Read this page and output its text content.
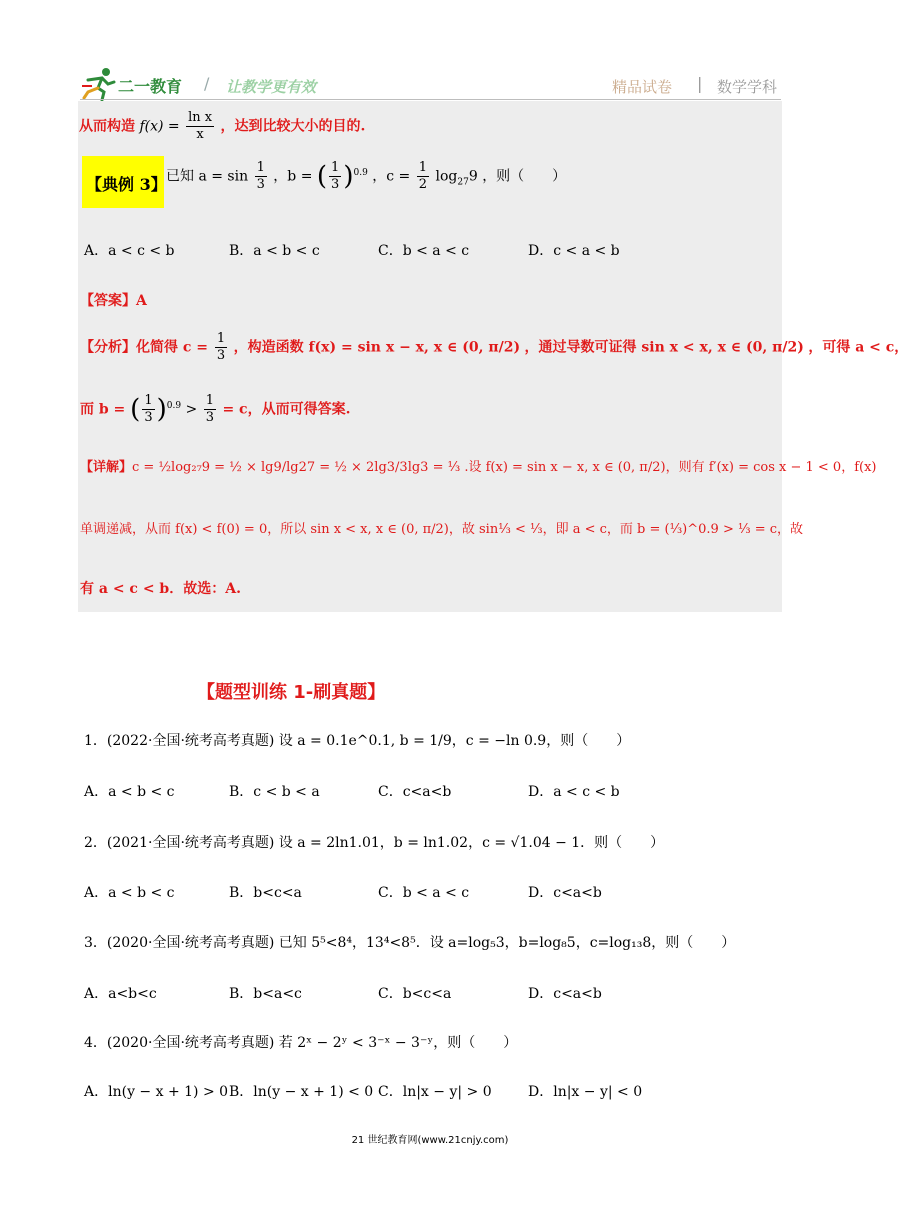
二一教育 / 让教学更有效	精品试卷 | 数学学科
从而构造 $f(x) = \frac{\text{ln x}}{x}$ ，达到比较大小的目的.
【典例 3】 已知 $a = \sin \frac{1}{3}$ ，b = ( $\frac{1}{3} )^{0.9}$ ，$c = \frac{1}{2} \log_{27}9$ ，则（　　）
A．a < c < b	B．a < b < c	C．b < a < c	D．c < a < b
【答案】A
【分析】化简得 $c = \frac{1}{3}$ ，构造函数 f(x) = sin x − x, x ∈ (0, π/2) ，通过导数可证得 sin x < x, x ∈ (0, π/2) ，可得 a < c，
而 b = ( $\frac{1}{3} )^{0.9} > \frac{1}{3} = c$，从而可得答案.
【详解】c = ½log₂₇9 = ½ × lg9/lg27 = ½ × 2lg3/3lg3 = ⅓ .设 f(x) = sin x − x, x ∈ (0, π/2)，则有 f′(x) = cos x − 1 < 0，f(x)
单调递减，从而 f(x) < f(0) = 0，所以 sin x < x, x ∈ (0, π/2)，故 sin⅓ < ⅓，即 a < c，而 b = (⅓)^0.9 > ⅓ = c，故
有 a < c < b．故选：A.
【题型训练 1-刷真题】
1．(2022·全国·统考高考真题) 设 a = 0.1e^0.1, b = 1/9，c = −ln 0.9，则（　　）
A．a < b < c	B．c < b < a	C．c<a<b	D．a < c < b
2．(2021·全国·统考高考真题) 设 a = 2ln1.01，b = ln1.02，c = √1.04 − 1．则（　　）
A．a < b < c	B．b<c<a	C．b < a < c	D．c<a<b
3．(2020·全国·统考高考真题) 已知 5⁵<8⁴，13⁴<8⁵．设 a=log₅3，b=log₈5，c=log₁₃8，则（　　）
A．a<b<c	B．b<a<c	C．b<c<a	D．c<a<b
4．(2020·全国·统考高考真题) 若 2ˣ − 2ʸ < 3⁻ˣ − 3⁻ʸ，则（　　）
A．ln(y − x + 1) > 0 B．ln(y − x + 1) < 0 C．ln|x − y| > 0	D．ln|x − y| < 0
21 世纪教育网(www.21cnjy.com)
